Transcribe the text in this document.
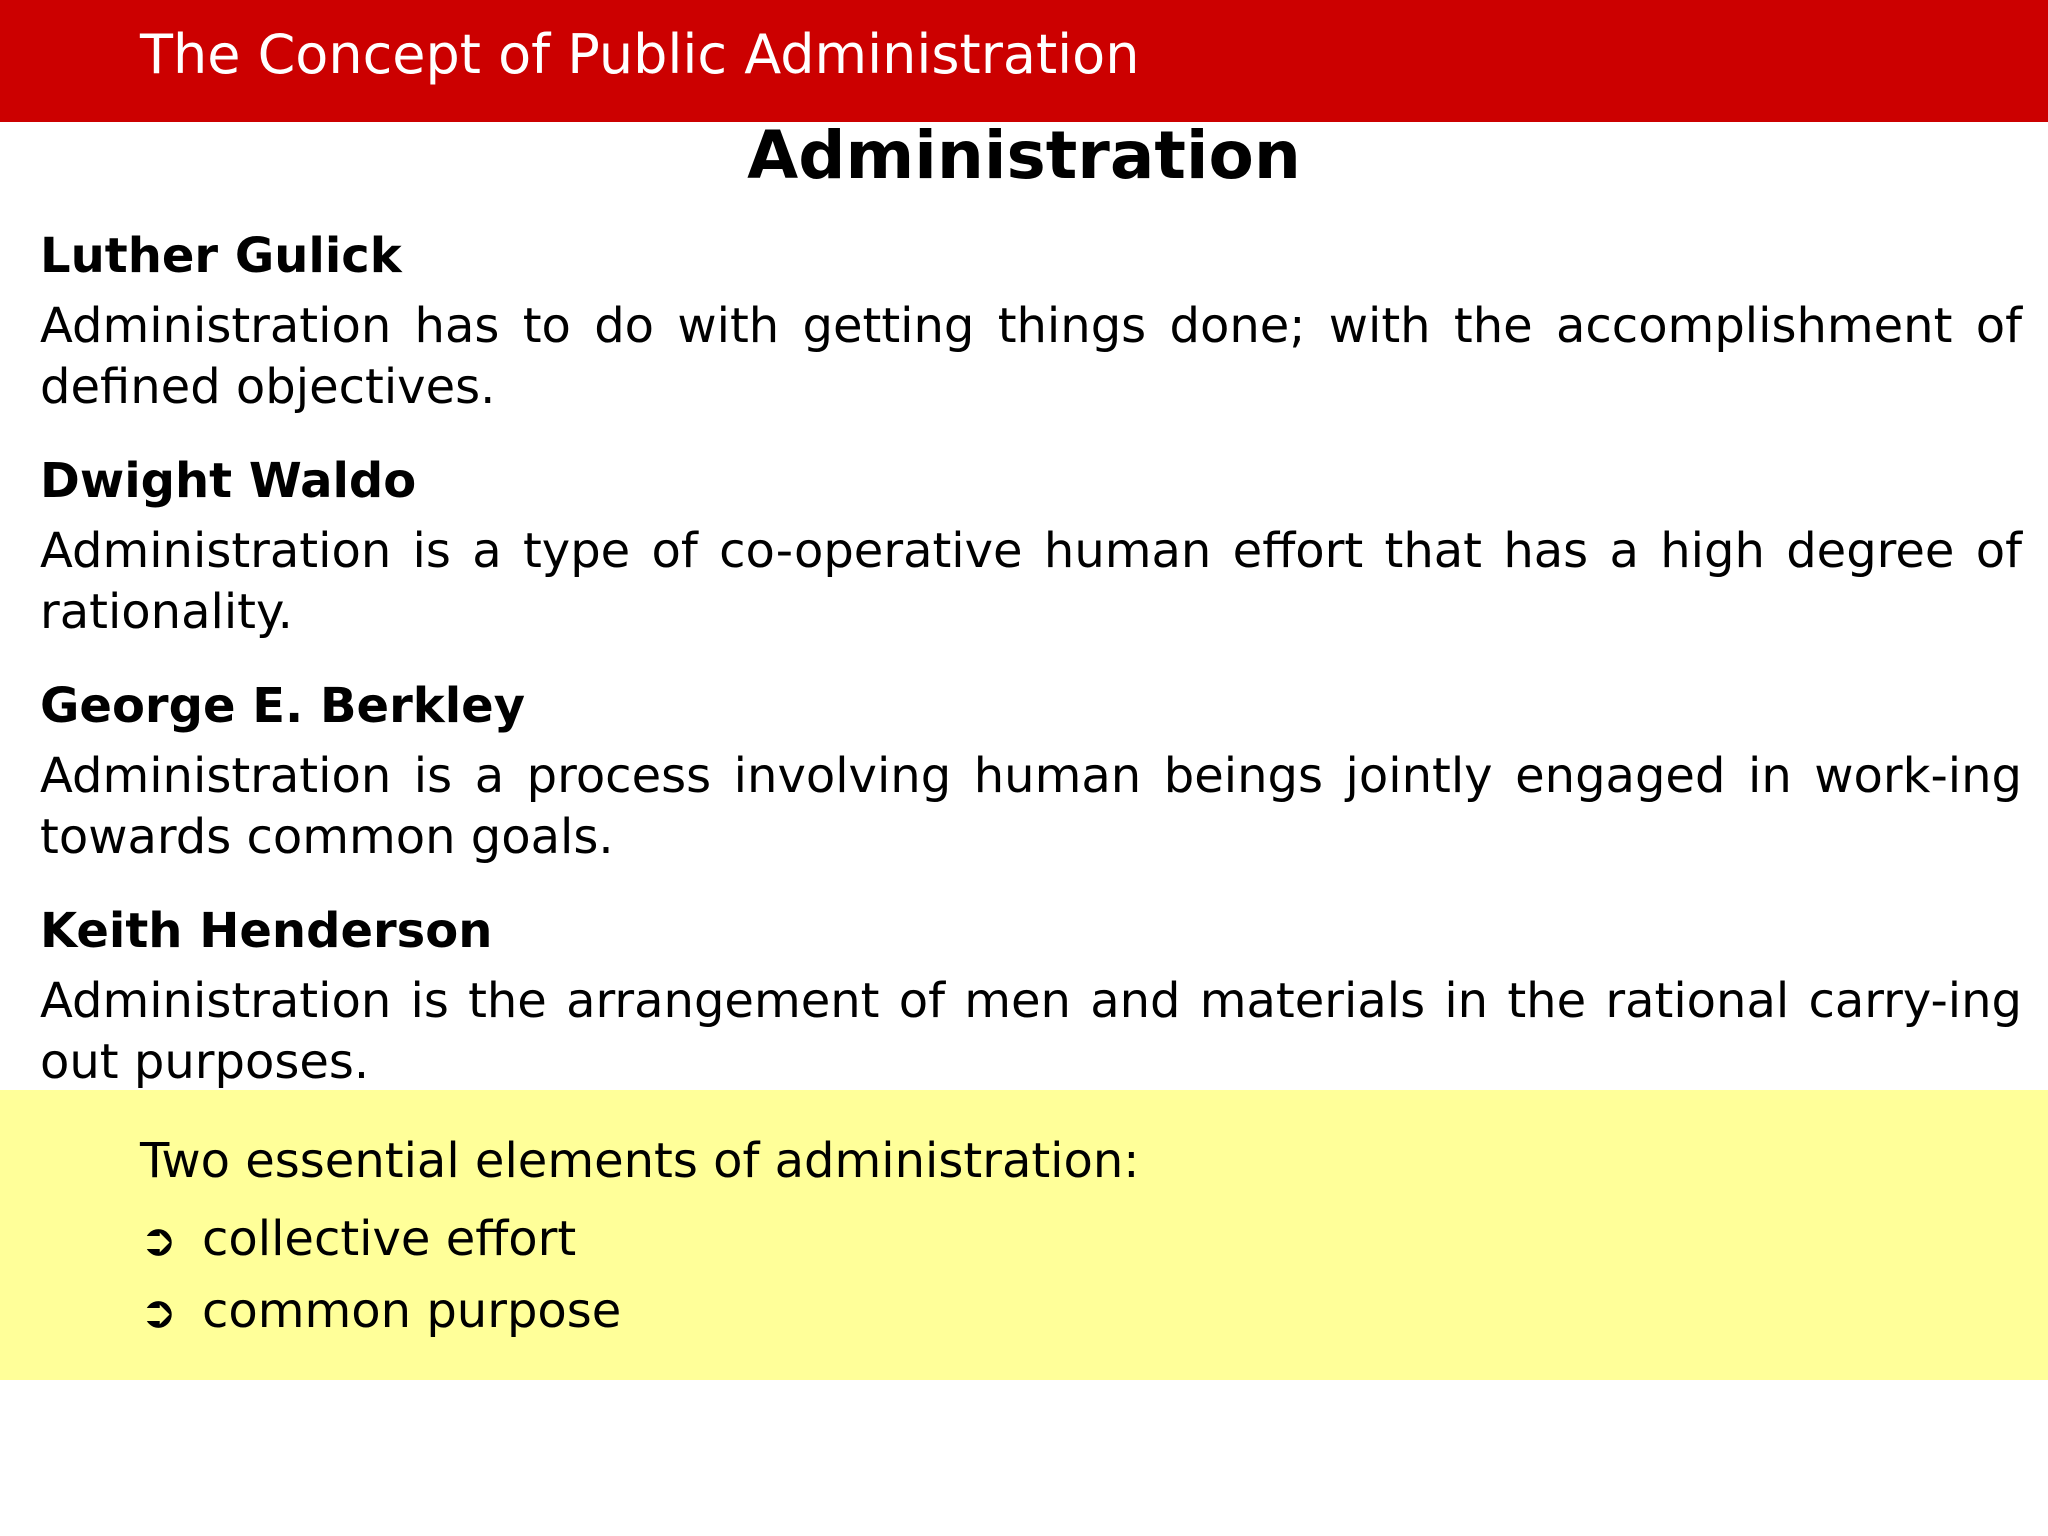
The Concept of Public Administration
Administration
Luther Gulick
Administration has to do with getting things done; with the accomplishment of defined objectives.
Dwight Waldo
Administration is a type of co-operative human effort that has a high degree of rationality.
George E. Berkley
Administration is a process involving human beings jointly engaged in work-ing towards common goals.
Keith Henderson
Administration is the arrangement of men and materials in the rational carry-ing out purposes.
Two essential elements of administration:
➲ collective effort
➲ common purpose
